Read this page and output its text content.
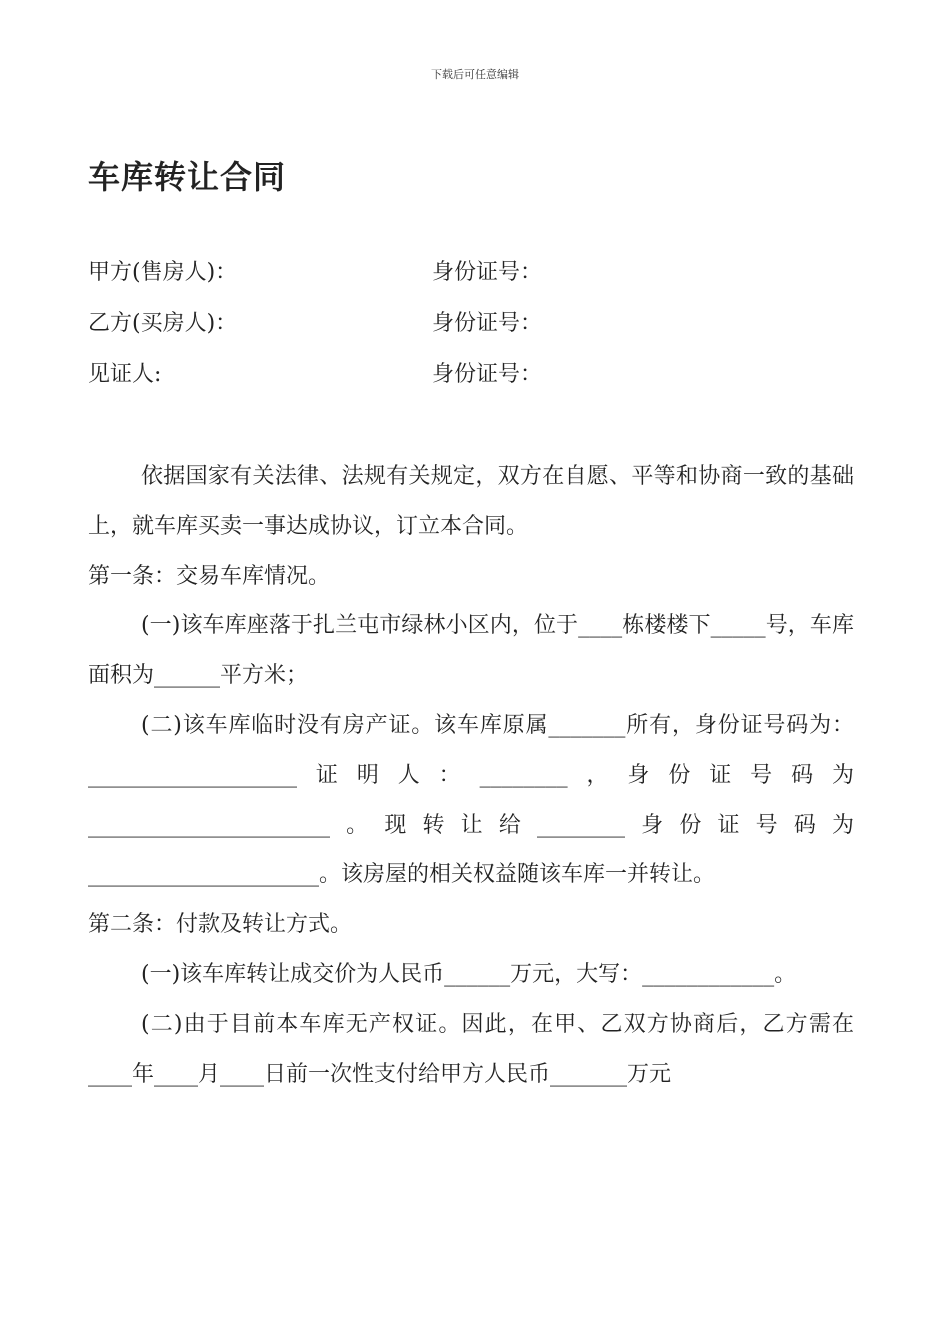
下载后可任意编辑
车库转让合同
甲方(售房人)：	身份证号：
乙方(买房人)：	身份证号：
见证人:	身份证号：

依据国家有关法律、法规有关规定，双方在自愿、平等和协商一致的基础上，就车库买卖一事达成协议，订立本合同。

第一条：交易车库情况。

(一)该车库座落于扎兰屯市绿林小区内，位于____栋楼楼下_____号，车库面积为______平方米；

(二)该车库临时没有房产证。该车库原属_______所有，身份证号码为：___________________证明人：________，身份证号码为______________________。现转让给________身份证号码为_____________________。该房屋的相关权益随该车库一并转让。

第二条：付款及转让方式。

(一)该车库转让成交价为人民币______万元，大写：____________。

(二)由于目前本车库无产权证。因此，在甲、乙双方协商后，乙方需在____年____月____日前一次性支付给甲方人民币_______万元
